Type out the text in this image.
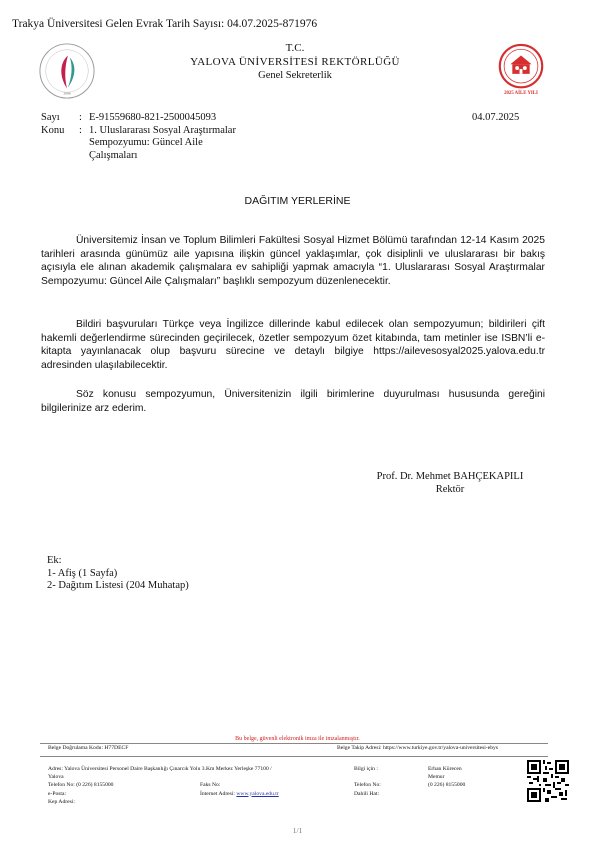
Trakya Üniversitesi Gelen Evrak Tarih Sayısı: 04.07.2025-871976
2008	2025 AİLE YILI
T.C.
YALOVA ÜNİVERSİTESİ REKTÖRLÜĞÜ
Genel Sekreterlik
Sayı
Konu
:
:
E-91559680-821-2500045093
1. Uluslararası Sosyal Araştırmalar
Sempozyumu: Güncel Aile
Çalışmaları
04.07.2025
DAĞITIM YERLERİNE

Üniversitemiz İnsan ve Toplum Bilimleri Fakültesi Sosyal Hizmet Bölümü tarafından 12-14 Kasım 2025 tarihleri arasında günümüz aile yapısına ilişkin güncel yaklaşımlar, çok disiplinli ve uluslararası bir bakış açısıyla ele alınan akademik çalışmalara ev sahipliği yapmak amacıyla “1. Uluslararası Sosyal Araştırmalar Sempozyumu: Güncel Aile Çalışmaları” başlıklı sempozyum düzenlenecektir.

Bildiri başvuruları Türkçe veya İngilizce dillerinde kabul edilecek olan sempozyumun; bildirileri çift hakemli değerlendirme sürecinden geçirilecek, özetler sempozyum özet kitabında, tam metinler ise ISBN’li e-kitapta yayınlanacak olup başvuru sürecine ve detaylı bilgiye https://ailevesosyal2025.yalova.edu.tr adresinden ulaşılabilecektir.

Söz konusu sempozyumun, Üniversitenizin ilgili birimlerine duyurulması hususunda gereğini bilgilerinize arz ederim.

Prof. Dr. Mehmet BAHÇEKAPILI
Rektör
Ek:
1- Afiş (1 Sayfa)
2- Dağıtım Listesi (204 Muhatap)
Bu belge, güvenli elektronik imza ile imzalanmıştır.
Belge Doğrulama Kodu: H77DECF	Belge Takip Adresi: https://www.turkiye.gov.tr/yalova-universitesi-ebys
Adres: Yalova Üniversitesi Personel Daire Başkanlığı Çınarcık Yolu 3.Km Merkez Yerleşke 77100 /
Yalova
Telefon No: (0 226) 8155000
e-Posta:
Kep Adresi:
Faks No:
İnternet Adresi: www.yalova.edu.tr
Bilgi için :

Telefon No:
Dahili Hat:
Erhan Kürecen
Memur
(0 226) 8155000
1/1
